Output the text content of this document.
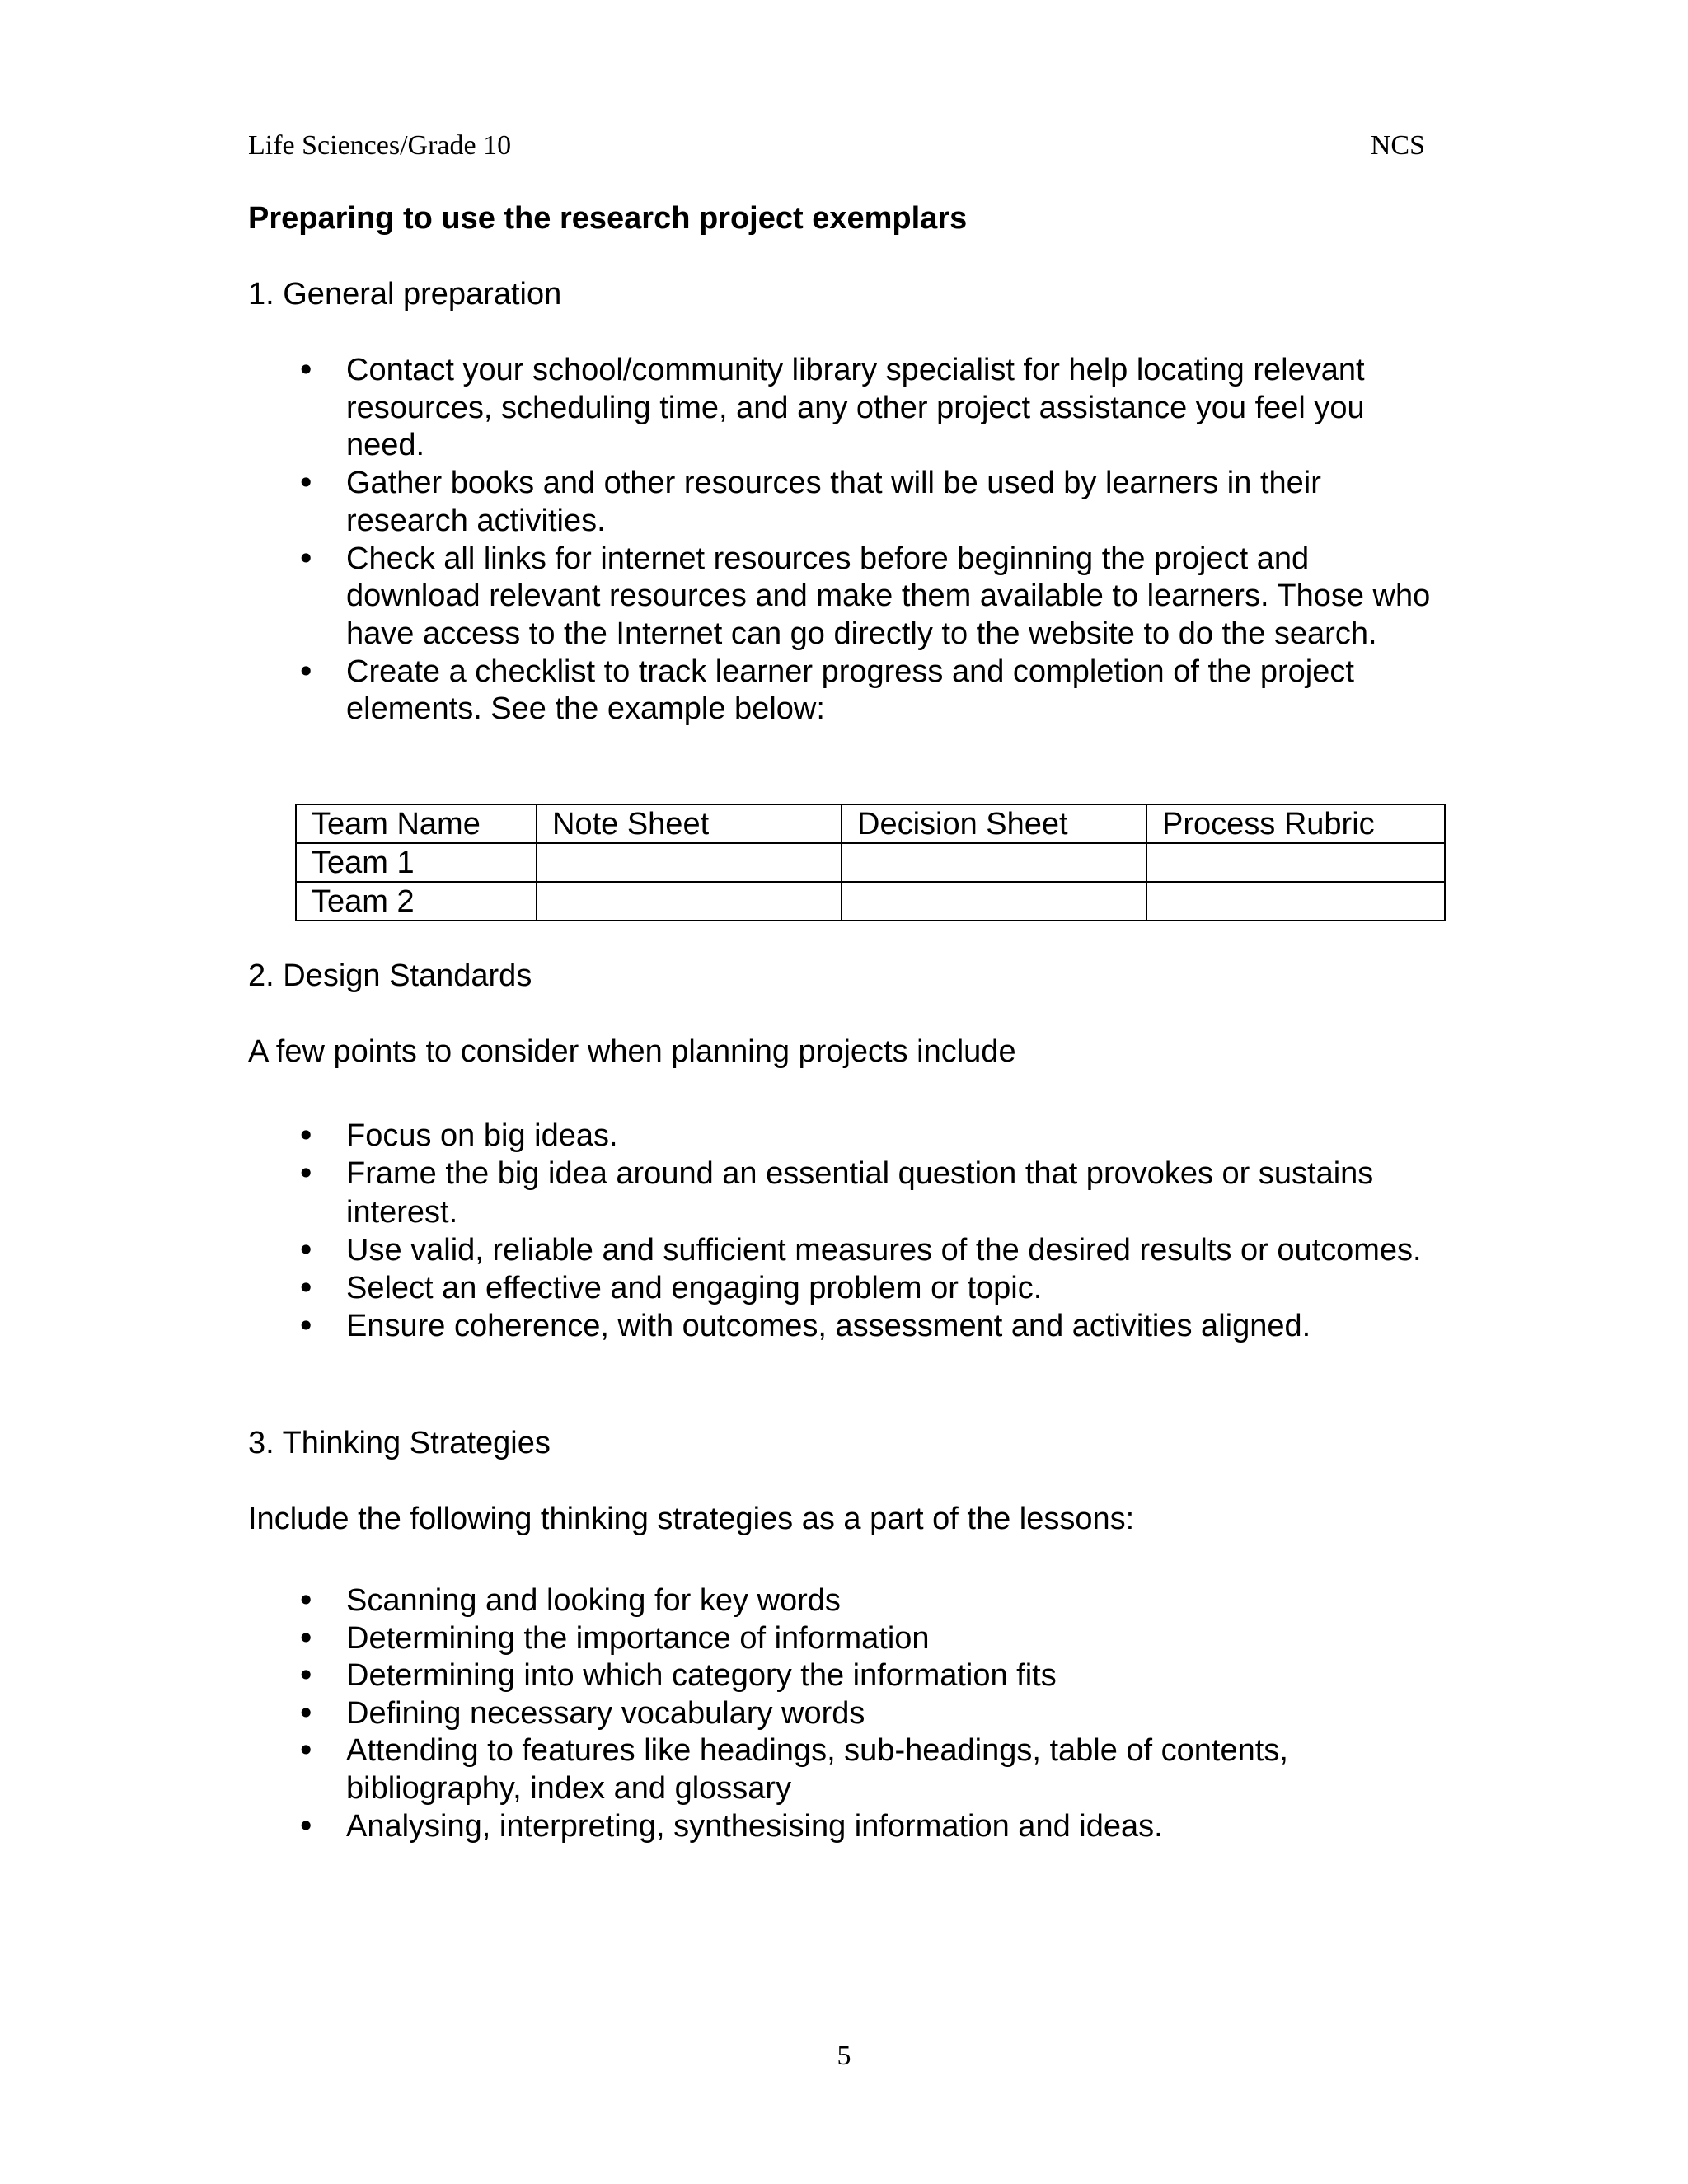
Life Sciences/Grade 10	NCS
Preparing to use the research project exemplars
1. General preparation
• Contact your school/community library specialist for help locating relevant resources, scheduling time, and any other project assistance you feel you need.
• Gather books and other resources that will be used by learners in their research activities.
• Check all links for internet resources before beginning the project and download relevant resources and make them available to learners. Those who have access to the Internet can go directly to the website to do the search.
• Create a checklist to track learner progress and completion of the project elements. See the example below:
Team Name	Note Sheet	Decision Sheet	Process Rubric
Team 1			
Team 2			
2. Design Standards
A few points to consider when planning projects include
• Focus on big ideas.
• Frame the big idea around an essential question that provokes or sustains interest.
• Use valid, reliable and sufficient measures of the desired results or outcomes.
• Select an effective and engaging problem or topic.
• Ensure coherence, with outcomes, assessment and activities aligned.
3. Thinking Strategies
Include the following thinking strategies as a part of the lessons:
• Scanning and looking for key words
• Determining the importance of information
• Determining into which category the information fits
• Defining necessary vocabulary words
• Attending to features like headings, sub-headings, table of contents, bibliography, index and glossary
• Analysing, interpreting, synthesising information and ideas.
5
